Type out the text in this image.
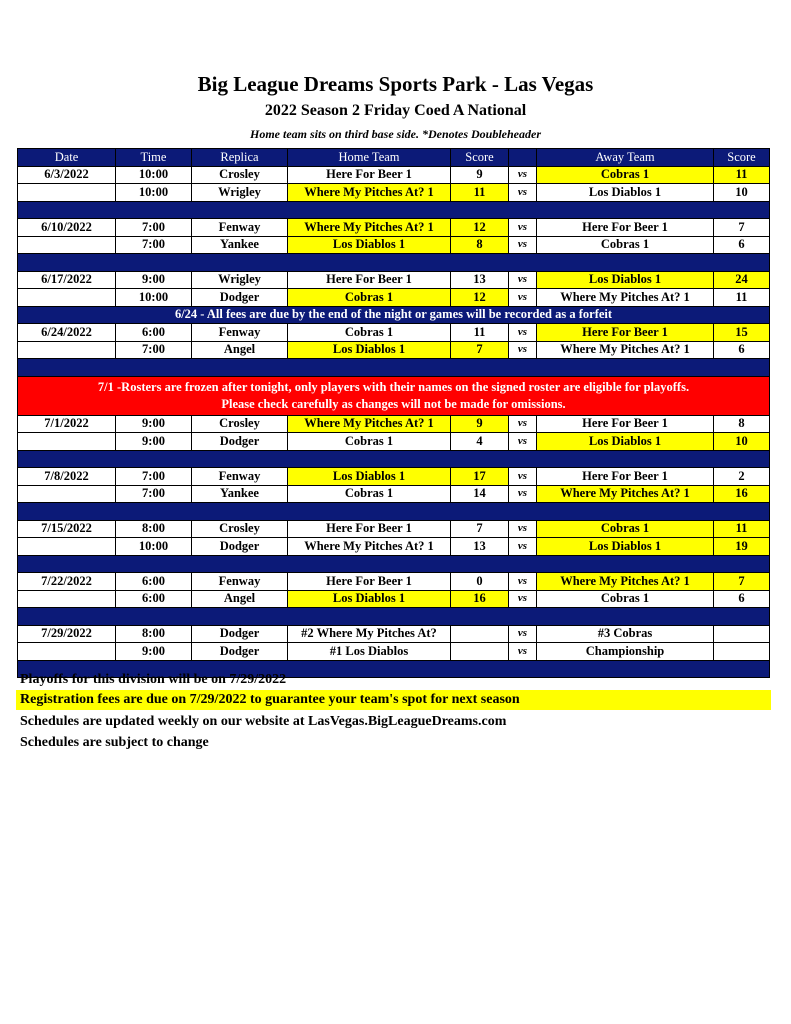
Big League Dreams Sports Park - Las Vegas
2022 Season 2 Friday Coed A National
Home team sits on third base side. *Denotes Doubleheader
Date	Time	Replica	Home Team	Score		Away Team	Score
6/3/2022	10:00	Crosley	Here For Beer 1	9	vs	Cobras 1	11
	10:00	Wrigley	Where My Pitches At? 1	11	vs	Los Diablos 1	10

6/10/2022	7:00	Fenway	Where My Pitches At? 1	12	vs	Here For Beer 1	7
	7:00	Yankee	Los Diablos 1	8	vs	Cobras 1	6

6/17/2022	9:00	Wrigley	Here For Beer 1	13	vs	Los Diablos 1	24
	10:00	Dodger	Cobras 1	12	vs	Where My Pitches At? 1	11
6/24 - All fees are due by the end of the night or games will be recorded as a forfeit							
6/24/2022	6:00	Fenway	Cobras 1	11	vs	Here For Beer 1	15
	7:00	Angel	Los Diablos 1	7	vs	Where My Pitches At? 1	6

7/1 -Rosters are frozen after tonight, only players with their names on the signed roster are eligible for playoffs.
Please check carefully as changes will not be made for omissions.							

7/1/2022	9:00	Crosley	Where My Pitches At? 1	9	vs	Here For Beer 1	8
	9:00	Dodger	Cobras 1	4	vs	Los Diablos 1	10

7/8/2022	7:00	Fenway	Los Diablos 1	17	vs	Here For Beer 1	2
	7:00	Yankee	Cobras 1	14	vs	Where My Pitches At? 1	16

7/15/2022	8:00	Crosley	Here For Beer 1	7	vs	Cobras 1	11
	10:00	Dodger	Where My Pitches At? 1	13	vs	Los Diablos 1	19

7/22/2022	6:00	Fenway	Here For Beer 1	0	vs	Where My Pitches At? 1	7
	6:00	Angel	Los Diablos 1	16	vs	Cobras 1	6

7/29/2022	8:00	Dodger	#2 Where My Pitches At?		vs	#3 Cobras	
	9:00	Dodger	#1 Los Diablos		vs	Championship	

Playoffs for this division will be on 7/29/2022
Registration fees are due on 7/29/2022 to guarantee your team's spot for next season
Schedules are updated weekly on our website at LasVegas.BigLeagueDreams.com
Schedules are subject to change
